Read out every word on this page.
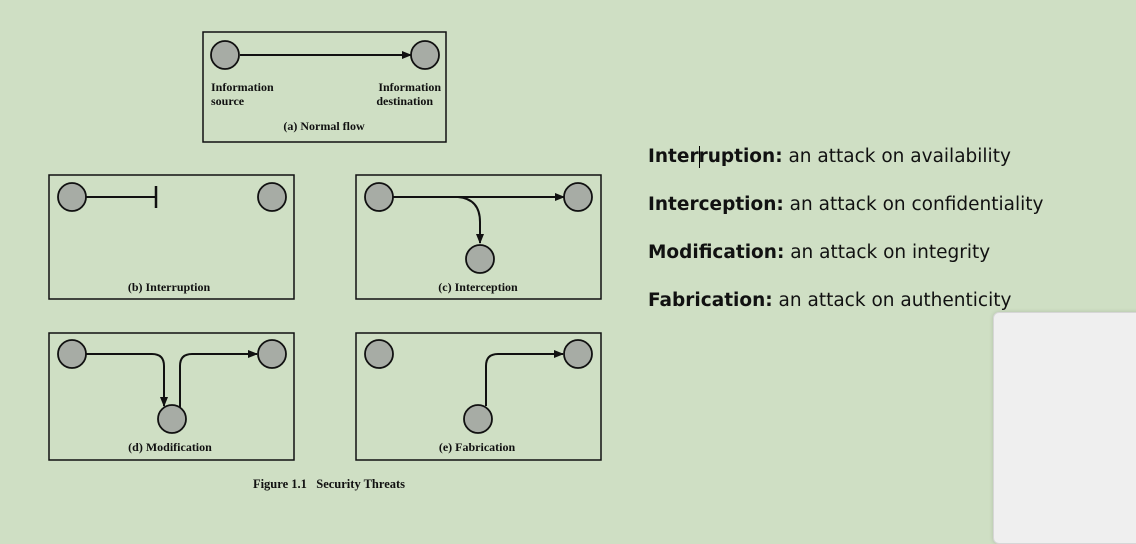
Information
source
Information
destination
(a) Normal flow
(b) Interruption	(c) Interception
(d) Modification	(e) Fabrication
Figure 1.1   Security Threats
Interruption: an attack on availability
Interception: an attack on confidentiality
Modification: an attack on integrity
Fabrication: an attack on authenticity
